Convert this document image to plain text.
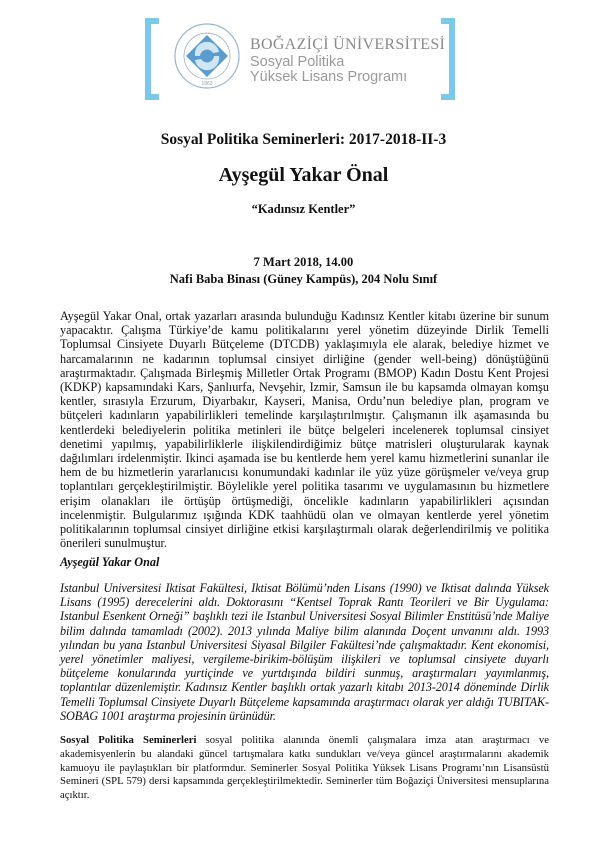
1863
BOĞAZİÇİ ÜNİVERSİTESİ
Sosyal Politika
Yüksek Lisans Programı
Sosyal Politika Seminerleri: 2017-2018-II-3
Ayşegül Yakar Önal
“Kadınsız Kentler”
7 Mart 2018, 14.00
Nafi Baba Binası (Güney Kampüs), 204 Nolu Sınıf

Ayşegül Yakar Onal, ortak yazarları arasında bulunduğu Kadınsız Kentler kitabı üzerine bir sunum yapacaktır. Çalışma Türkiye’de kamu politikalarını yerel yönetim düzeyinde Dirlik Temelli Toplumsal Cinsiyete Duyarlı Bütçeleme (DTCDB) yaklaşımıyla ele alarak, belediye hizmet ve harcamalarının ne kadarının toplumsal cinsiyet dirliğine (gender well-being) dönüştüğünü araştırmaktadır. Çalışmada Birleşmiş Milletler Ortak Programı (BMOP) Kadın Dostu Kent Projesi (KDKP) kapsamındaki Kars, Şanlıurfa, Nevşehir, Izmir, Samsun ile bu kapsamda olmayan komşu kentler, sırasıyla Erzurum, Diyarbakır, Kayseri, Manisa, Ordu’nun belediye plan, program ve bütçeleri kadınların yapabilirlikleri temelinde karşılaştırılmıştır. Çalışmanın ilk aşamasında bu kentlerdeki belediyelerin politika metinleri ile bütçe belgeleri incelenerek toplumsal cinsiyet denetimi yapılmış, yapabilirliklerle ilişkilendirdiğimiz bütçe matrisleri oluşturularak kaynak dağılımları irdelenmiştir. Ikinci aşamada ise bu kentlerde hem yerel kamu hizmetlerini sunanlar ile hem de bu hizmetlerin yararlanıcısı konumundaki kadınlar ile yüz yüze görüşmeler ve/veya grup toplantıları gerçekleştirilmiştir. Böylelikle yerel politika tasarımı ve uygulamasının bu hizmetlere erişim olanakları ile örtüşüp örtüşmediği, öncelikle kadınların yapabilirlikleri açısından incelenmiştir. Bulgularımız ışığında KDK taahhüdü olan ve olmayan kentlerde yerel yönetim politikalarının toplumsal cinsiyet dirliğine etkisi karşılaştırmalı olarak değerlendirilmiş ve politika önerileri sunulmuştur.

Ayşegül Yakar Onal

Istanbul Universitesi Iktisat Fakültesi, Iktisat Bölümü’nden Lisans (1990) ve Iktisat dalında Yüksek Lisans (1995) derecelerini aldı. Doktorasını “Kentsel Toprak Rantı Teorileri ve Bir Uygulama: Istanbul Esenkent Orneği” başlıklı tezi ile Istanbul Universitesi Sosyal Bilimler Enstitüsü’nde Maliye bilim dalında tamamladı (2002). 2013 yılında Maliye bilim alanında Doçent unvanını aldı. 1993 yılından bu yana Istanbul Universitesi Siyasal Bilgiler Fakültesi’nde çalışmaktadır. Kent ekonomisi, yerel yönetimler maliyesi, vergileme-birikim-bölüşüm ilişkileri ve toplumsal cinsiyete duyarlı bütçeleme konularında yurtiçinde ve yurtdışında bildiri sunmuş, araştırmaları yayımlanmış, toplantılar düzenlemiştir. Kadınsız Kentler başlıklı ortak yazarlı kitabı 2013-2014 döneminde Dirlik Temelli Toplumsal Cinsiyete Duyarlı Bütçeleme kapsamında araştırmacı olarak yer aldığı TUBITAK-SOBAG 1001 araştırma projesinin ürünüdür.

Sosyal Politika Seminerleri sosyal politika alanında önemli çalışmalara imza atan araştırmacı ve akademisyenlerin bu alandaki güncel tartışmalara katkı sundukları ve/veya güncel araştırmalarını akademik kamuoyu ile paylaştıkları bir platformdur. Seminerler Sosyal Politika Yüksek Lisans Programı’nın Lisansüstü Semineri (SPL 579) dersi kapsamında gerçekleştirilmektedir. Seminerler tüm Boğaziçi Üniversitesi mensuplarına açıktır.
